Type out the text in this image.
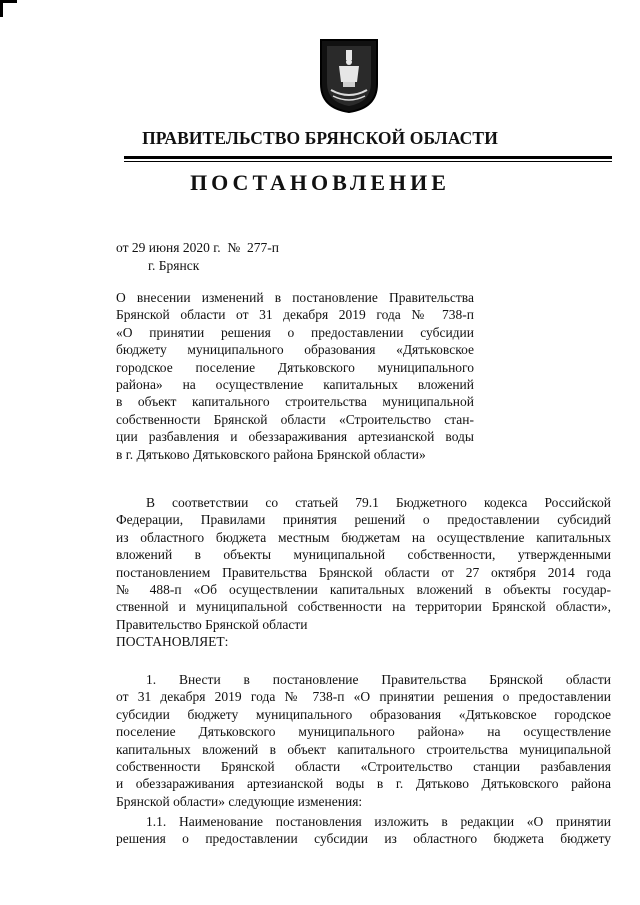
ПРАВИТЕЛЬСТВО БРЯНСКОЙ ОБЛАСТИ
ПОСТАНОВЛЕНИЕ
от 29 июня 2020 г.  №  277-п
г. Брянск
О внесении изменений в постановление Правительства
Брянской области от 31 декабря 2019 года № 738-п
«О принятии решения о предоставлении субсидии
бюджету муниципального образования «Дятьковское
городское поселение Дятьковского муниципального
района» на осуществление капитальных вложений
в объект капитального строительства муниципальной
собственности Брянской области «Строительство стан-
ции разбавления и обеззараживания артезианской воды
в г. Дятьково Дятьковского района Брянской области»
В соответствии со статьей 79.1 Бюджетного кодекса Российской
Федерации, Правилами принятия решений о предоставлении субсидий
из областного бюджета местным бюджетам на осуществление капитальных
вложений в объекты муниципальной собственности, утвержденными
постановлением Правительства Брянской области от 27 октября 2014 года
№ 488-п «Об осуществлении капитальных вложений в объекты государ-
ственной и муниципальной собственности на территории Брянской области»,
Правительство Брянской области
ПОСТАНОВЛЯЕТ:
1. Внести в постановление Правительства Брянской области
от 31 декабря 2019 года № 738-п «О принятии решения о предоставлении
субсидии бюджету муниципального образования «Дятьковское городское
поселение Дятьковского муниципального района» на осуществление
капитальных вложений в объект капитального строительства муниципальной
собственности Брянской области «Строительство станции разбавления
и обеззараживания артезианской воды в г. Дятьково Дятьковского района
Брянской области» следующие изменения:
1.1. Наименование постановления изложить в редакции «О принятии
решения о предоставлении субсидии из областного бюджета бюджету
